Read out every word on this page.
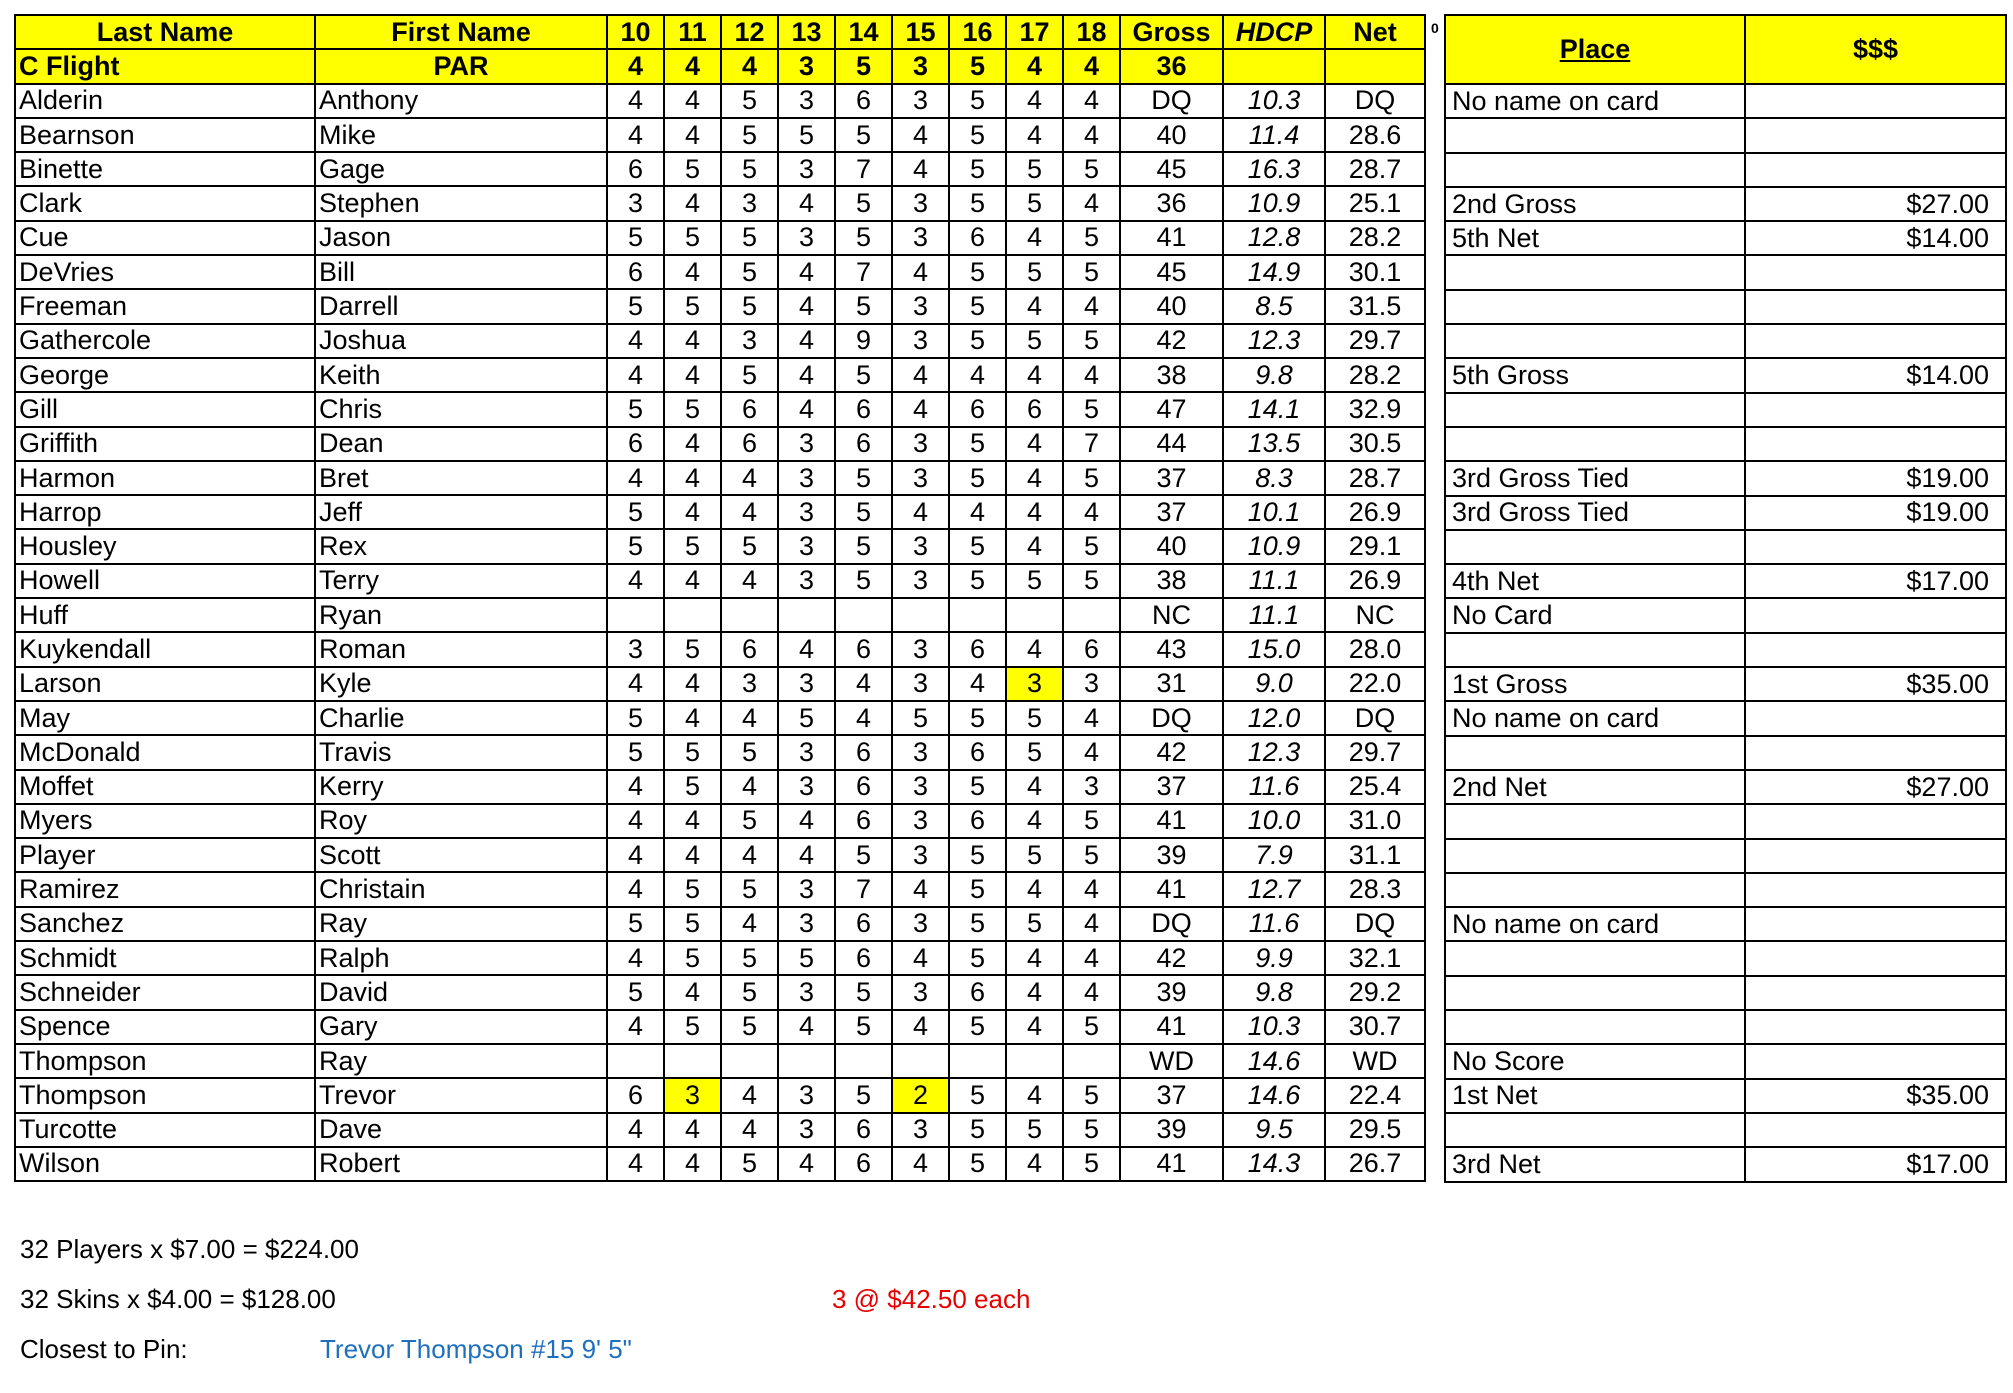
Last Name	First Name	10	11	12	13	14	15	16	17	18	Gross	HDCP	Net
C Flight	PAR	4	4	4	3	5	3	5	4	4	36		
Alderin	Anthony	4	4	5	3	6	3	5	4	4	DQ	10.3	DQ
Bearnson	Mike	4	4	5	5	5	4	5	4	4	40	11.4	28.6
Binette	Gage	6	5	5	3	7	4	5	5	5	45	16.3	28.7
Clark	Stephen	3	4	3	4	5	3	5	5	4	36	10.9	25.1
Cue	Jason	5	5	5	3	5	3	6	4	5	41	12.8	28.2
DeVries	Bill	6	4	5	4	7	4	5	5	5	45	14.9	30.1
Freeman	Darrell	5	5	5	4	5	3	5	4	4	40	8.5	31.5
Gathercole	Joshua	4	4	3	4	9	3	5	5	5	42	12.3	29.7
George	Keith	4	4	5	4	5	4	4	4	4	38	9.8	28.2
Gill	Chris	5	5	6	4	6	4	6	6	5	47	14.1	32.9
Griffith	Dean	6	4	6	3	6	3	5	4	7	44	13.5	30.5
Harmon	Bret	4	4	4	3	5	3	5	4	5	37	8.3	28.7
Harrop	Jeff	5	4	4	3	5	4	4	4	4	37	10.1	26.9
Housley	Rex	5	5	5	3	5	3	5	4	5	40	10.9	29.1
Howell	Terry	4	4	4	3	5	3	5	5	5	38	11.1	26.9
Huff	Ryan										NC	11.1	NC
Kuykendall	Roman	3	5	6	4	6	3	6	4	6	43	15.0	28.0
Larson	Kyle	4	4	3	3	4	3	4	3	3	31	9.0	22.0
May	Charlie	5	4	4	5	4	5	5	5	4	DQ	12.0	DQ
McDonald	Travis	5	5	5	3	6	3	6	5	4	42	12.3	29.7
Moffet	Kerry	4	5	4	3	6	3	5	4	3	37	11.6	25.4
Myers	Roy	4	4	5	4	6	3	6	4	5	41	10.0	31.0
Player	Scott	4	4	4	4	5	3	5	5	5	39	7.9	31.1
Ramirez	Christain	4	5	5	3	7	4	5	4	4	41	12.7	28.3
Sanchez	Ray	5	5	4	3	6	3	5	5	4	DQ	11.6	DQ
Schmidt	Ralph	4	5	5	5	6	4	5	4	4	42	9.9	32.1
Schneider	David	5	4	5	3	5	3	6	4	4	39	9.8	29.2
Spence	Gary	4	5	5	4	5	4	5	4	5	41	10.3	30.7
Thompson	Ray										WD	14.6	WD
Thompson	Trevor	6	3	4	3	5	2	5	4	5	37	14.6	22.4
Turcotte	Dave	4	4	4	3	6	3	5	5	5	39	9.5	29.5
Wilson	Robert	4	4	5	4	6	4	5	4	5	41	14.3	26.7
0
Place	$$$
No name on card	

2nd Gross	$27.00
5th Net	$14.00

5th Gross	$14.00

3rd Gross Tied	$19.00
3rd Gross Tied	$19.00

4th Net	$17.00
No Card	

1st Gross	$35.00
No name on card	

2nd Net	$27.00

No name on card	

No Score	
1st Net	$35.00

3rd Net	$17.00
32 Players x $7.00 = $224.00
32 Skins x $4.00 = $128.00	3 @ $42.50 each
Closest to Pin:	Trevor Thompson #15 9' 5"
